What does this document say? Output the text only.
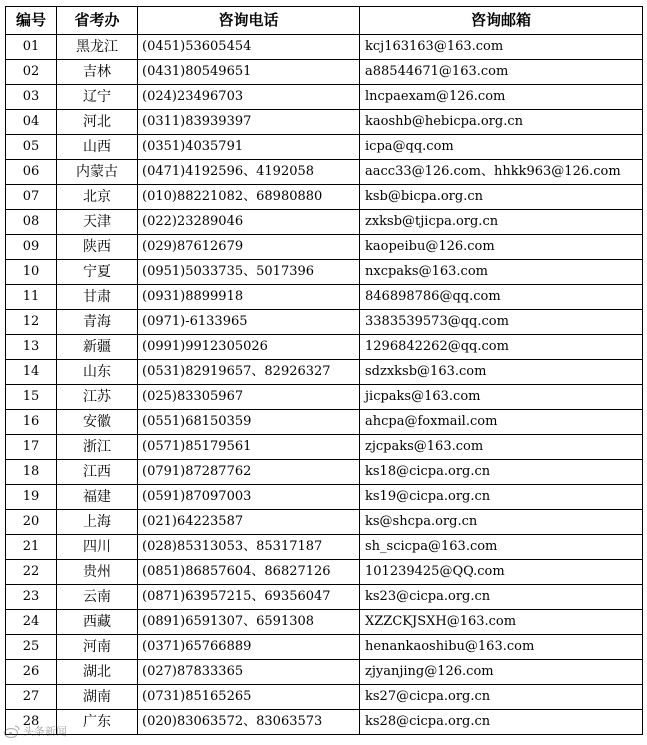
编号	省考办	咨询电话	咨询邮箱
01	黑龙江	(0451)53605454	kcj163163@163.com
02	吉林	(0431)80549651	a88544671@163.com
03	辽宁	(024)23496703	lncpaexam@126.com
04	河北	(0311)83939397	kaoshb@hebicpa.org.cn
05	山西	(0351)4035791	icpa@qq.com
06	内蒙古	(0471)4192596、4192058	aacc33@126.com、hhkk963@126.com
07	北京	(010)88221082、68980880	ksb@bicpa.org.cn
08	天津	(022)23289046	zxksb@tjicpa.org.cn
09	陕西	(029)87612679	kaopeibu@126.com
10	宁夏	(0951)5033735、5017396	nxcpaks@163.com
11	甘肃	(0931)8899918	846898786@qq.com
12	青海	(0971)-6133965	3383539573@qq.com
13	新疆	(0991)9912305026	1296842262@qq.com
14	山东	(0531)82919657、82926327	sdzxksb@163.com
15	江苏	(025)83305967	jicpaks@163.com
16	安徽	(0551)68150359	ahcpa@foxmail.com
17	浙江	(0571)85179561	zjcpaks@163.com
18	江西	(0791)87287762	ks18@cicpa.org.cn
19	福建	(0591)87097003	ks19@cicpa.org.cn
20	上海	(021)64223587	ks@shcpa.org.cn
21	四川	(028)85313053、85317187	sh_scicpa@163.com
22	贵州	(0851)86857604、86827126	101239425@QQ.com
23	云南	(0871)63957215、69356047	ks23@cicpa.org.cn
24	西藏	(0891)6591307、6591308	XZZCKJSXH@163.com
25	河南	(0371)65766889	henankaoshibu@163.com
26	湖北	(027)87833365	zjyanjing@126.com
27	湖南	(0731)85165265	ks27@cicpa.org.cn
28	广东	(020)83063572、83063573	ks28@cicpa.org.cn
头条新闻
